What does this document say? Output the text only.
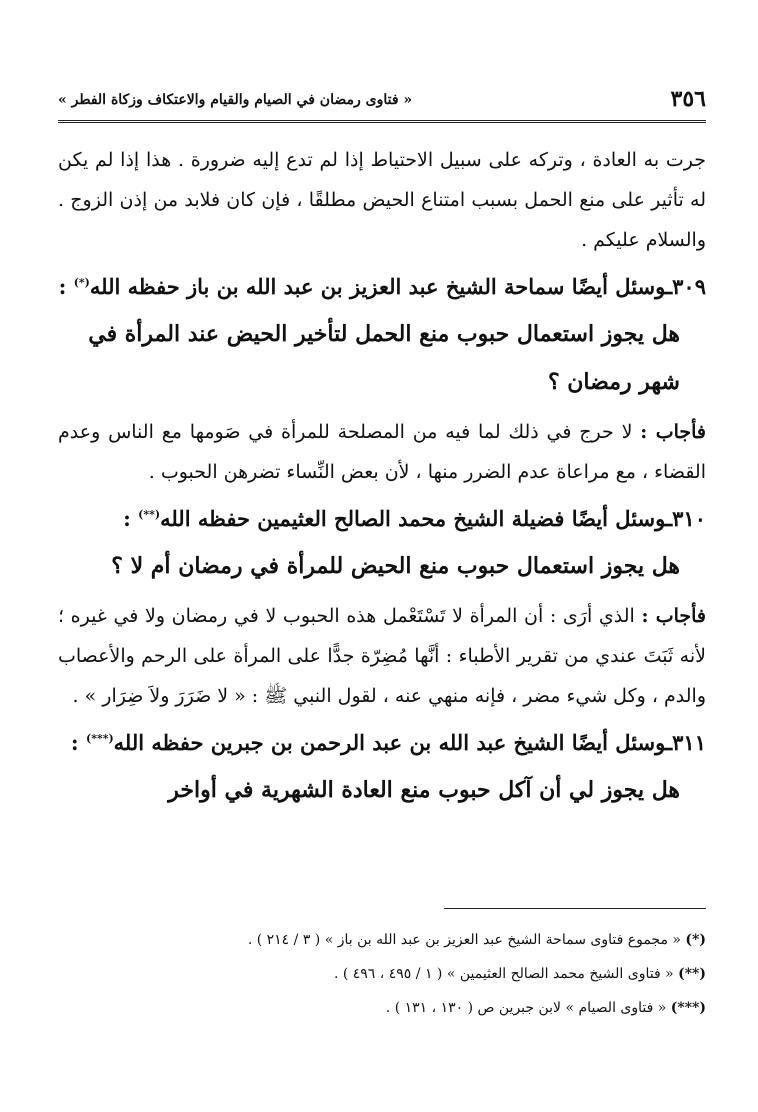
٣٥٦
« فتاوى رمضان في الصيام والقيام والاعتكاف وزكاة الفطر »

جرت به العادة ، وتركه على سبيل الاحتياط إذا لم تدع إليه ضرورة . هذا إذا لم يكن له تأثير على منع الحمل بسبب امتناع الحيض مطلقًا ، فإن كان فلابد من إذن الزوج . والسلام عليكم .

٣٠٩ـوسئل أيضًا سماحة الشيخ عبد العزيز بن عبد الله بن باز حفظه الله(*) :

هل يجوز استعمال حبوب منع الحمل لتأخير الحيض عند المرأة في شهر رمضان ؟

فأجاب : لا حرج في ذلك لما فيه من المصلحة للمرأة في صَومها مع الناس وعدم القضاء ، مع مراعاة عدم الضرر منها ، لأن بعض النِّساء تضرهن الحبوب .

٣١٠ـوسئل أيضًا فضيلة الشيخ محمد الصالح العثيمين حفظه الله(**) :

هل يجوز استعمال حبوب منع الحيض للمرأة في رمضان أم لا ؟

فأجاب : الذي أرَى : أن المرأة لا تَسْتَعْمل هذه الحبوب لا في رمضان ولا في غيره ؛ لأنه ثَبَتَ عندي من تقرير الأطباء : أنَّها مُضِرّة جدًّا على المرأة على الرحم والأعصاب والدم ، وكل شيء مضر ، فإنه منهي عنه ، لقول النبي ﷺ : « لا ضَرَرَ ولاَ ضِرَار » .

٣١١ـوسئل أيضًا الشيخ عبد الله بن عبد الرحمن بن جبرين حفظه الله(***) :

هل يجوز لي أن آكل حبوب منع العادة الشهرية في أواخر

(*) « مجموع فتاوى سماحة الشيخ عبد العزيز بن عبد الله بن باز » ( ٣ / ٢١٤ ) .

(**) « فتاوى الشيخ محمد الصالح العثيمين » ( ١ / ٤٩٥ ، ٤٩٦ ) .

(***) « فتاوى الصيام » لابن جبرين ص ( ١٣٠ ، ١٣١ ) .
